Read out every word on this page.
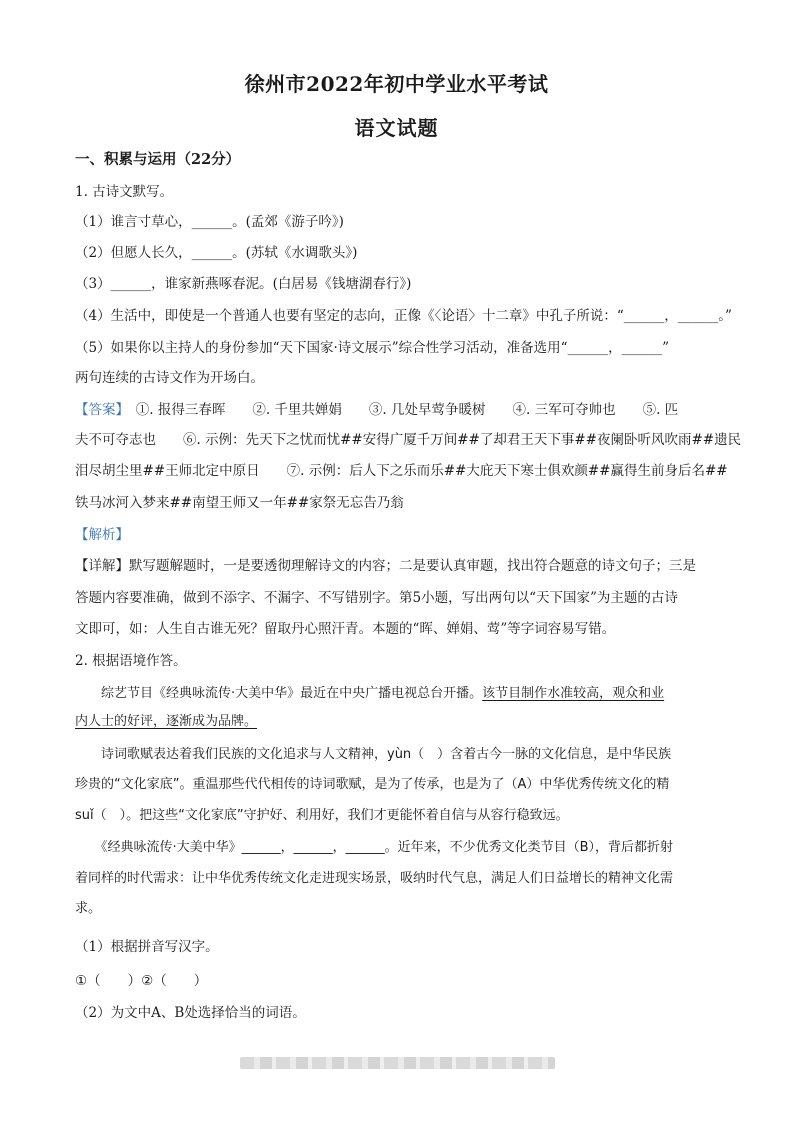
徐州市2022年初中学业水平考试
语文试题
一、积累与运用（22分）
1. 古诗文默写。
（1）谁言寸草心，______。(孟郊《游子吟》)
（2）但愿人长久，______。(苏轼《水调歌头》)
（3）______，谁家新燕啄春泥。(白居易《钱塘湖春行》)
（4）生活中，即使是一个普通人也要有坚定的志向，正像《〈论语〉十二章》中孔子所说：“______，______。”
（5）如果你以主持人的身份参加“天下国家·诗文展示”综合性学习活动，准备选用“______，______”
两句连续的古诗文作为开场白。
【答案】　 ①. 报得三春晖　　②. 千里共婵娟　　③. 几处早莺争暖树　　④. 三军可夺帅也　　⑤. 匹
夫不可夺志也　　⑥. 示例：先天下之忧而忧##安得广厦千万间##了却君王天下事##夜阑卧听风吹雨##遗民
泪尽胡尘里##王师北定中原日　　⑦. 示例：后人下之乐而乐##大庇天下寒士俱欢颜##赢得生前身后名##
铁马冰河入梦来##南望王师又一年##家祭无忘告乃翁
【解析】
【详解】默写题解题时，一是要透彻理解诗文的内容；二是要认真审题，找出符合题意的诗文句子；三是
答题内容要准确，做到不添字、不漏字、不写错别字。第5小题，写出两句以“天下国家”为主题的古诗
文即可，如：人生自古谁无死？留取丹心照汗青。本题的“晖、婵娟、莺”等字词容易写错。
2. 根据语境作答。
　　综艺节目《经典咏流传·大美中华》最近在中央广播电视总台开播。该节目制作水准较高，观众和业
内人士的好评，逐渐成为品牌。
　　诗词歌赋表达着我们民族的文化追求与人文精神，yùn（　）含着古今一脉的文化信息，是中华民族
珍贵的“文化家底”。重温那些代代相传的诗词歌赋，是为了传承，也是为了（A）中华优秀传统文化的精
suǐ（　）。把这些“文化家底”守护好、利用好，我们才更能怀着自信与从容行稳致远。
　　《经典咏流传·大美中华》______，______，______。近年来，不少优秀文化类节目（B），背后都折射
着同样的时代需求：让中华优秀传统文化走进现实场景，吸纳时代气息，满足人们日益增长的精神文化需
求。
（1）根据拼音写汉字。
①（　　）②（　　）
（2）为文中A、B处选择恰当的词语。
